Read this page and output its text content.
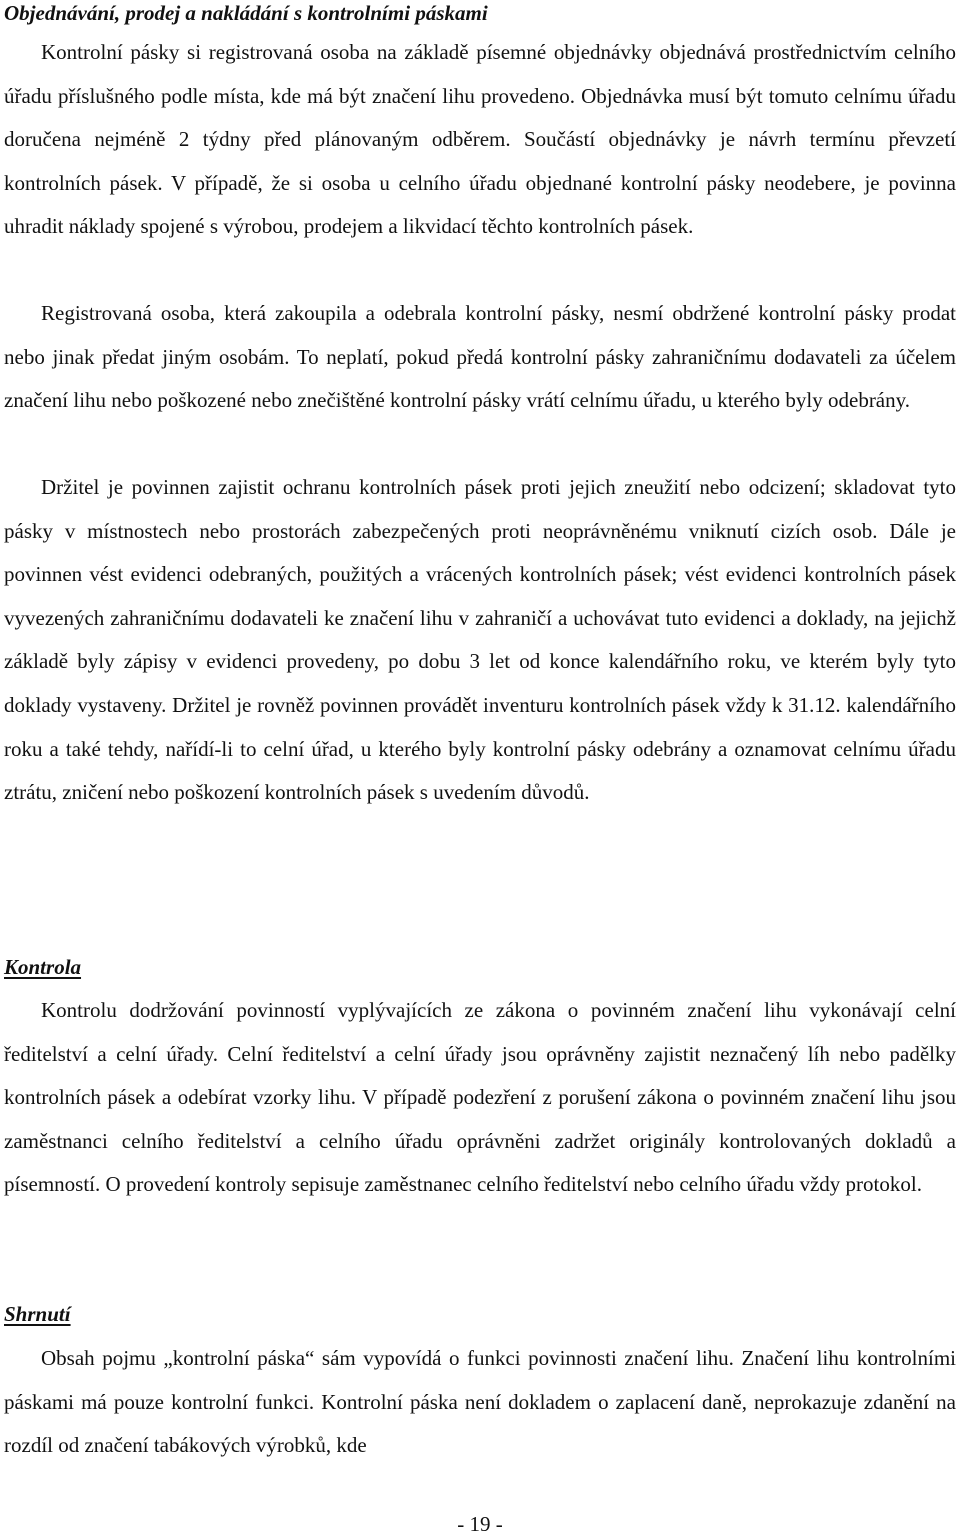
Objednávání, prodej a nakládání s kontrolními páskami

Kontrolní pásky si registrovaná osoba na základě písemné objednávky objednává prostřednictvím celního úřadu příslušného podle místa, kde má být značení lihu provedeno. Objednávka musí být tomuto celnímu úřadu doručena nejméně 2 týdny před plánovaným odběrem. Součástí objednávky je návrh termínu převzetí kontrolních pásek. V případě, že si osoba u celního úřadu objednané kontrolní pásky neodebere, je povinna uhradit náklady spojené s výrobou, prodejem a likvidací těchto kontrolních pásek.

Registrovaná osoba, která zakoupila a odebrala kontrolní pásky, nesmí obdržené kontrolní pásky prodat nebo jinak předat jiným osobám. To neplatí, pokud předá kontrolní pásky zahraničnímu dodavateli za účelem značení lihu nebo poškozené nebo znečištěné kontrolní pásky vrátí celnímu úřadu, u kterého byly odebrány.

Držitel je povinnen zajistit ochranu kontrolních pásek proti jejich zneužití nebo odcizení; skladovat tyto pásky v místnostech nebo prostorách zabezpečených proti neoprávněnému vniknutí cizích osob. Dále je povinnen vést evidenci odebraných, použitých a vrácených kontrolních pásek; vést evidenci kontrolních pásek vyvezených zahraničnímu dodavateli ke značení lihu v zahraničí a uchovávat tuto evidenci a doklady, na jejichž základě byly zápisy v evidenci provedeny, po dobu 3 let od konce kalendářního roku, ve kterém byly tyto doklady vystaveny. Držitel je rovněž povinnen provádět inventuru kontrolních pásek vždy k 31.12. kalendářního roku a také tehdy, nařídí-li to celní úřad, u kterého byly kontrolní pásky odebrány a oznamovat celnímu úřadu ztrátu, zničení nebo poškození kontrolních pásek s uvedením důvodů.

Kontrola

Kontrolu dodržování povinností vyplývajících ze zákona o povinném značení lihu vykonávají celní ředitelství a celní úřady. Celní ředitelství a celní úřady jsou oprávněny zajistit neznačený líh nebo padělky kontrolních pásek a odebírat vzorky lihu. V případě podezření z porušení zákona o povinném značení lihu jsou zaměstnanci celního ředitelství a celního úřadu oprávněni zadržet originály kontrolovaných dokladů a písemností. O provedení kontroly sepisuje zaměstnanec celního ředitelství nebo celního úřadu vždy protokol.

Shrnutí

Obsah pojmu „kontrolní páska“ sám vypovídá o funkci povinnosti značení lihu. Značení lihu kontrolními páskami má pouze kontrolní funkci. Kontrolní páska není dokladem o zaplacení daně, neprokazuje zdanění na rozdíl od značení tabákových výrobků, kde

- 19 -
